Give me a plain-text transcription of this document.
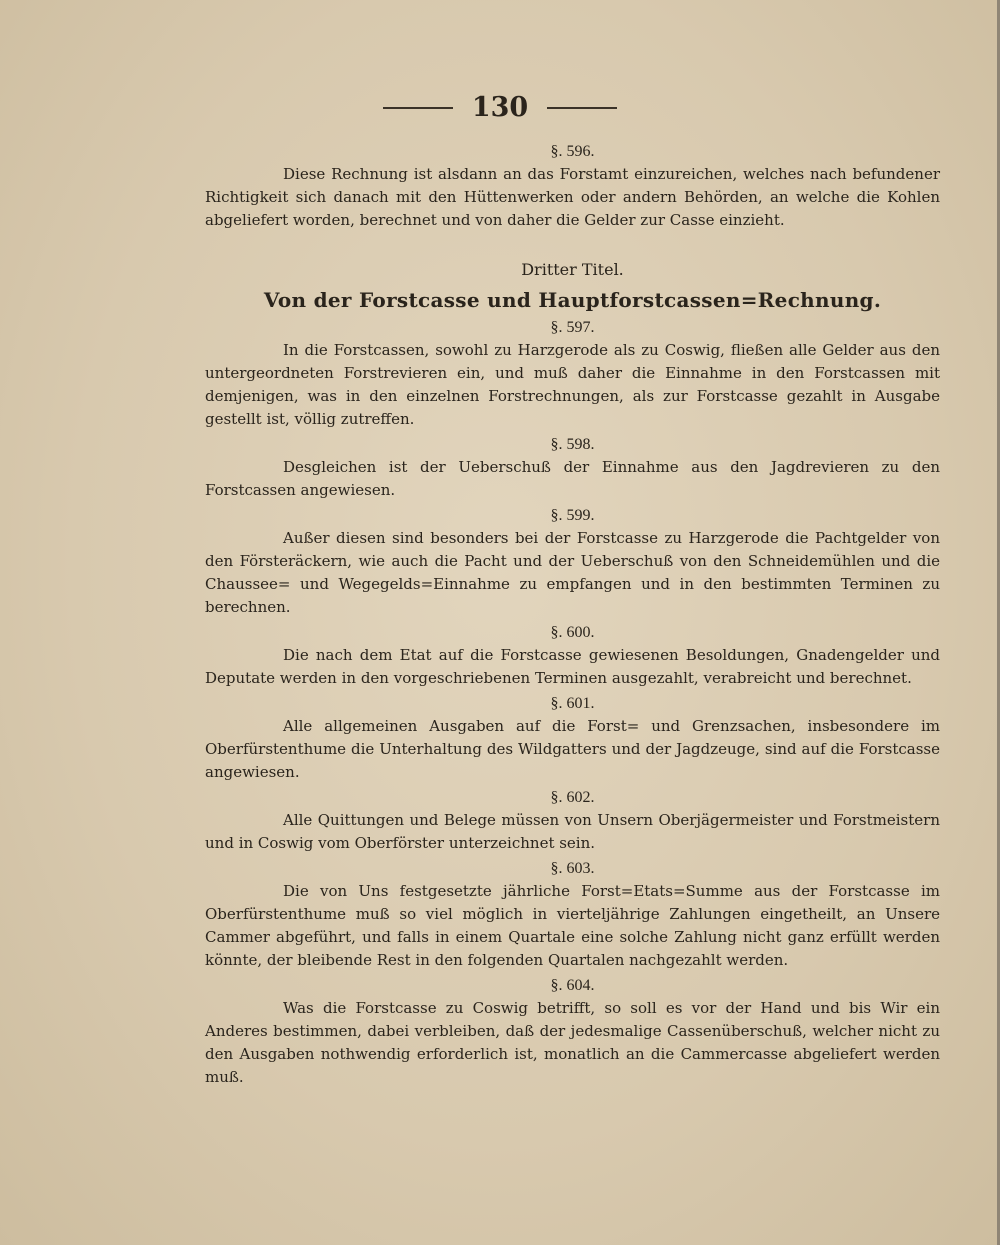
130
§. 596.

Diese Rechnung ist alsdann an das Forstamt einzureichen, welches nach befundener Richtigkeit sich danach mit den Hüttenwerken oder andern Behörden, an welche die Kohlen abgeliefert worden, berechnet und von daher die Gelder zur Casse einzieht.

Dritter Titel.
Von der Forstcasse und Hauptforstcassen=Rechnung.
§. 597.

In die Forstcassen, sowohl zu Harzgerode als zu Coswig, fließen alle Gelder aus den untergeordneten Forstrevieren ein, und muß daher die Einnahme in den Forstcassen mit demjenigen, was in den einzelnen Forstrechnungen, als zur Forstcasse gezahlt in Ausgabe gestellt ist, völlig zutreffen.

§. 598.

Desgleichen ist der Ueberschuß der Einnahme aus den Jagdrevieren zu den Forstcassen angewiesen.

§. 599.

Außer diesen sind besonders bei der Forstcasse zu Harzgerode die Pachtgelder von den Försteräckern, wie auch die Pacht und der Ueberschuß von den Schneidemühlen und die Chaussee= und Wegegelds=Einnahme zu empfangen und in den bestimmten Terminen zu berechnen.

§. 600.

Die nach dem Etat auf die Forstcasse gewiesenen Besoldungen, Gnadengelder und Deputate werden in den vorgeschriebenen Terminen ausgezahlt, verabreicht und berechnet.

§. 601.

Alle allgemeinen Ausgaben auf die Forst= und Grenzsachen, insbesondere im Oberfürstenthume die Unterhaltung des Wildgatters und der Jagdzeuge, sind auf die Forstcasse angewiesen.

§. 602.

Alle Quittungen und Belege müssen von Unsern Oberjägermeister und Forstmeistern und in Coswig vom Oberförster unterzeichnet sein.

§. 603.

Die von Uns festgesetzte jährliche Forst=Etats=Summe aus der Forstcasse im Oberfürstenthume muß so viel möglich in vierteljährige Zahlungen eingetheilt, an Unsere Cammer abgeführt, und falls in einem Quartale eine solche Zahlung nicht ganz erfüllt werden könnte, der bleibende Rest in den folgenden Quartalen nachgezahlt werden.

§. 604.

Was die Forstcasse zu Coswig betrifft, so soll es vor der Hand und bis Wir ein Anderes bestimmen, dabei verbleiben, daß der jedesmalige Cassenüberschuß, welcher nicht zu den Ausgaben nothwendig erforderlich ist, monatlich an die Cammercasse abgeliefert werden muß.
